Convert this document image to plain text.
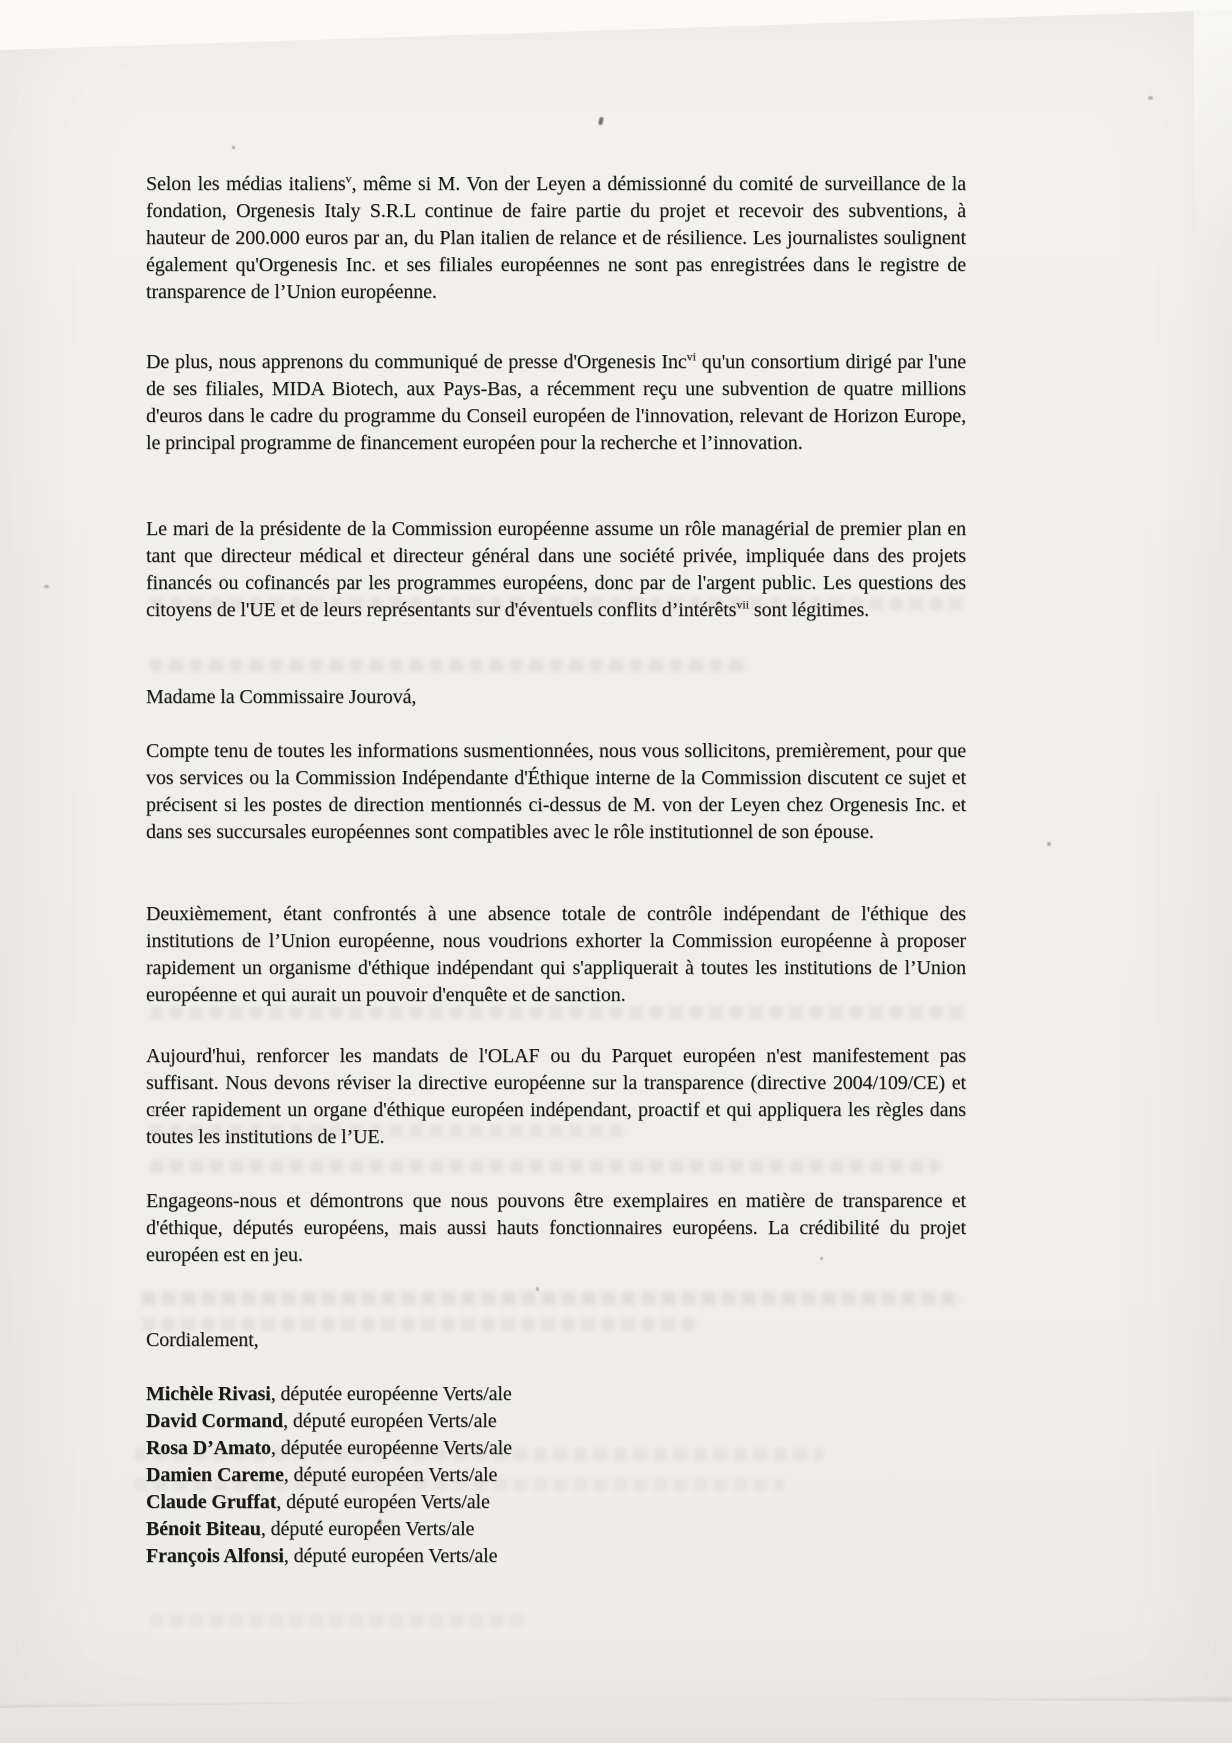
Selon les médias italiens$^v$, même si M. Von der Leyen a démissionné du comité de surveillance de la fondation, Orgenesis Italy S.R.L continue de faire partie du projet et recevoir des subventions, à hauteur de 200.000 euros par an, du Plan italien de relance et de résilience. Les journalistes soulignent également qu'Orgenesis Inc. et ses filiales européennes ne sont pas enregistrées dans le registre de transparence de l’Union européenne.

De plus, nous apprenons du communiqué de presse d'Orgenesis Inc$^{vi}$ qu'un consortium dirigé par l'une de ses filiales, MIDA Biotech, aux Pays-Bas, a récemment reçu une subvention de quatre millions d'euros dans le cadre du programme du Conseil européen de l'innovation, relevant de Horizon Europe, le principal programme de financement européen pour la recherche et l’innovation.

Le mari de la présidente de la Commission européenne assume un rôle managérial de premier plan en tant que directeur médical et directeur général dans une société privée, impliquée dans des projets financés ou cofinancés par les programmes européens, donc par de l'argent public. Les questions des citoyens de l'UE et de leurs représentants sur d'éventuels conflits d’intérêts$^{vii}$ sont légitimes.

Madame la Commissaire Jourová,

Compte tenu de toutes les informations susmentionnées, nous vous sollicitons, premièrement, pour que vos services ou la Commission Indépendante d'Éthique interne de la Commission discutent ce sujet et précisent si les postes de direction mentionnés ci-dessus de M. von der Leyen chez Orgenesis Inc. et dans ses succursales européennes sont compatibles avec le rôle institutionnel de son épouse.

Deuxièmement, étant confrontés à une absence totale de contrôle indépendant de l'éthique des institutions de l’Union européenne, nous voudrions exhorter la Commission européenne à proposer rapidement un organisme d'éthique indépendant qui s'appliquerait à toutes les institutions de l’Union européenne et qui aurait un pouvoir d'enquête et de sanction.

Aujourd'hui, renforcer les mandats de l'OLAF ou du Parquet européen n'est manifestement pas suffisant. Nous devons réviser la directive européenne sur la transparence (directive 2004/109/CE) et créer rapidement un organe d'éthique européen indépendant, proactif et qui appliquera les règles dans toutes les institutions de l’UE.

Engageons-nous et démontrons que nous pouvons être exemplaires en matière de transparence et d'éthique, députés européens, mais aussi hauts fonctionnaires européens. La crédibilité du projet européen est en jeu.

Cordialement,

Michèle Rivasi, députée européenne Verts/ale

David Cormand, député européen Verts/ale

Rosa D’Amato, députée européenne Verts/ale

Damien Careme, député européen Verts/ale

Claude Gruffat, député européen Verts/ale

Bénoit Biteau, député européen Verts/ale

François Alfonsi, député européen Verts/ale
